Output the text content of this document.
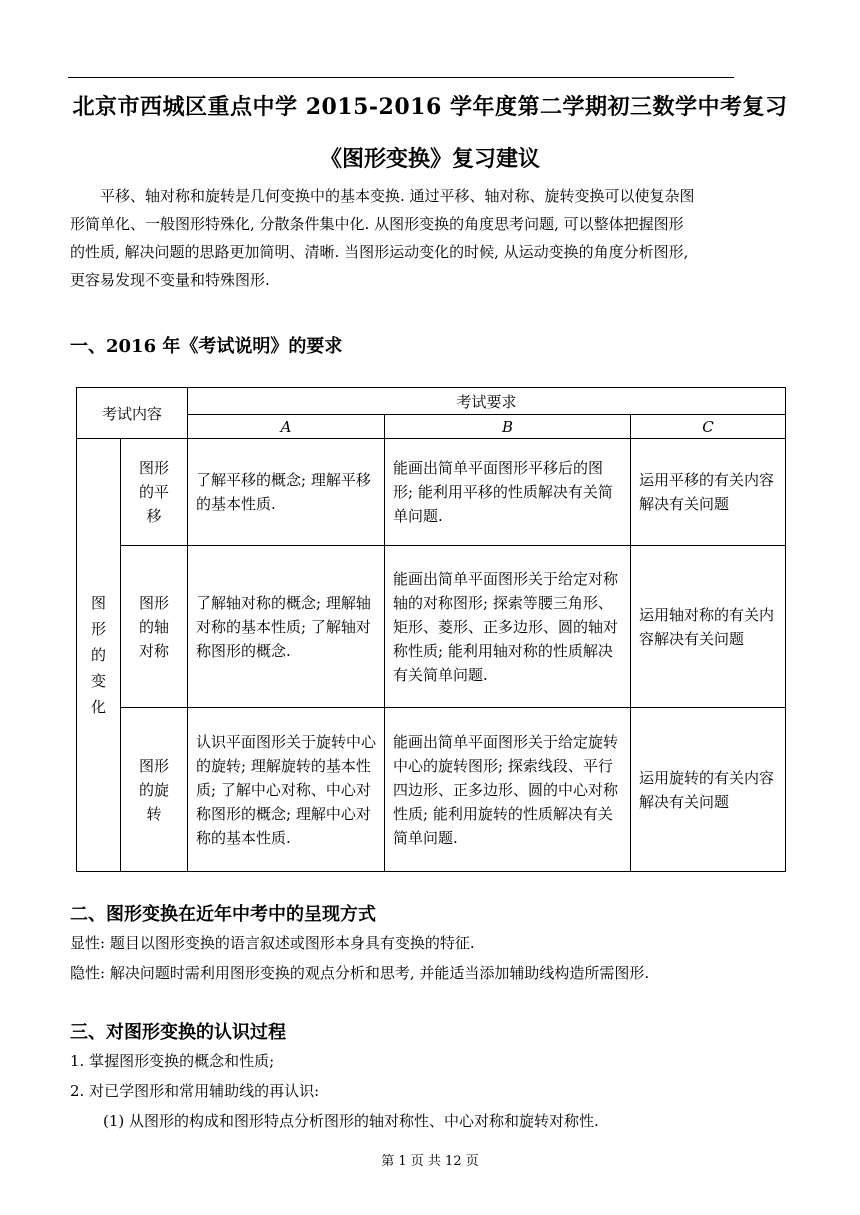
北京市西城区重点中学 2015-2016 学年度第二学期初三数学中考复习
《图形变换》复习建议
平移、轴对称和旋转是几何变换中的基本变换. 通过平移、轴对称、旋转变换可以使复杂图
形简单化、一般图形特殊化, 分散条件集中化. 从图形变换的角度思考问题, 可以整体把握图形
的性质, 解决问题的思路更加简明、清晰. 当图形运动变化的时候, 从运动变换的角度分析图形,
更容易发现不变量和特殊图形.
一、2016 年《考试说明》的要求
考试内容		考试要求		
		A	B	C

图
形
的
变
化	图形的平移	了解平移的概念; 理解平移的基本性质.	能画出简单平面图形平移后的图形; 能利用平移的性质解决有关简单问题.	运用平移的有关内容解决有关问题

	图形的轴对称	了解轴对称的概念; 理解轴对称的基本性质; 了解轴对称图形的概念.	能画出简单平面图形关于给定对称轴的对称图形; 探索等腰三角形、矩形、菱形、正多边形、圆的轴对称性质; 能利用轴对称的性质解决有关简单问题.	运用轴对称的有关内容解决有关问题

	图形的旋转	认识平面图形关于旋转中心的旋转; 理解旋转的基本性质; 了解中心对称、中心对称图形的概念; 理解中心对称的基本性质.	能画出简单平面图形关于给定旋转中心的旋转图形; 探索线段、平行四边形、正多边形、圆的中心对称性质; 能利用旋转的性质解决有关简单问题.	运用旋转的有关内容解决有关问题
二、图形变换在近年中考中的呈现方式
显性: 题目以图形变换的语言叙述或图形本身具有变换的特征.
隐性: 解决问题时需利用图形变换的观点分析和思考, 并能适当添加辅助线构造所需图形.
三、对图形变换的认识过程
1. 掌握图形变换的概念和性质;
2. 对已学图形和常用辅助线的再认识:
(1) 从图形的构成和图形特点分析图形的轴对称性、中心对称和旋转对称性.
第 1 页 共 12 页
